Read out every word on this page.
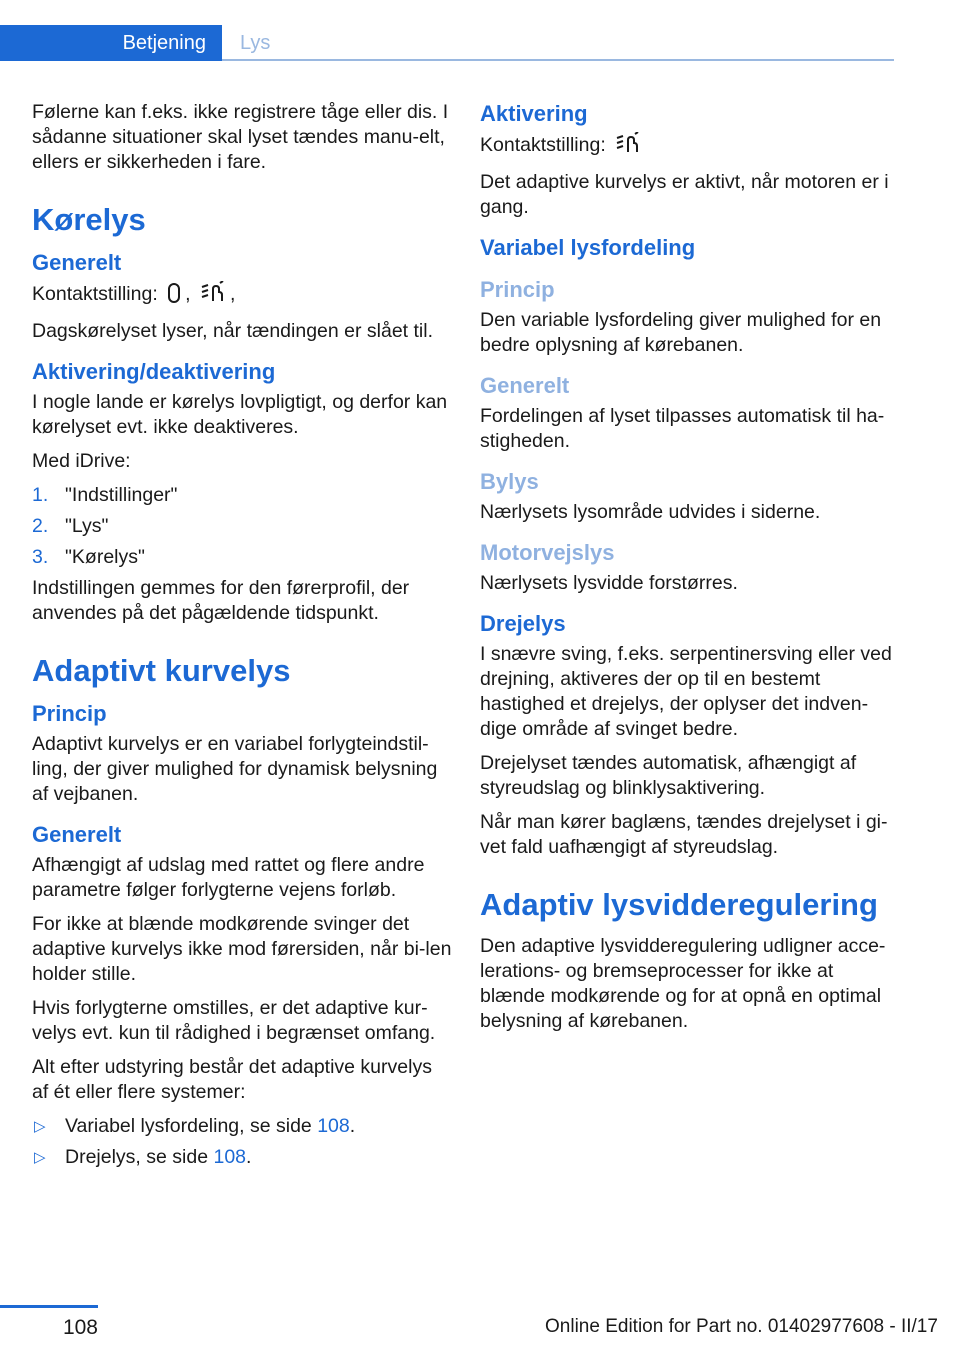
Betjening	Lys

Følerne kan f.eks. ikke registrere tåge eller dis. I sådanne situationer skal lyset tændes manu-elt, ellers er sikkerheden i fare.

Kørelys
Generelt

Kontaktstilling: , ,

Dagskørelyset lyser, når tændingen er slået til.

Aktivering/deaktivering

I nogle lande er kørelys lovpligtigt, og derfor kan kørelyset evt. ikke deaktiveres.

Med iDrive:

1. "Indstillinger"
2. "Lys"
3. "Kørelys"

Indstillingen gemmes for den førerprofil, der anvendes på det pågældende tidspunkt.

Adaptivt kurvelys
Princip

Adaptivt kurvelys er en variabel forlygteindstil-ling, der giver mulighed for dynamisk belysning af vejbanen.

Generelt

Afhængigt af udslag med rattet og flere andre parametre følger forlygterne vejens forløb.

For ikke at blænde modkørende svinger det adaptive kurvelys ikke mod førersiden, når bi-len holder stille.

Hvis forlygterne omstilles, er det adaptive kur-velys evt. kun til rådighed i begrænset omfang.

Alt efter udstyring består det adaptive kurvelys af ét eller flere systemer:

▷ Variabel lysfordeling, se side 108.
▷ Drejelys, se side 108.
Aktivering

Kontaktstilling:

Det adaptive kurvelys er aktivt, når motoren er i gang.

Variabel lysfordeling
Princip

Den variable lysfordeling giver mulighed for en bedre oplysning af kørebanen.

Generelt

Fordelingen af lyset tilpasses automatisk til ha-stigheden.

Bylys

Nærlysets lysområde udvides i siderne.

Motorvejslys

Nærlysets lysvidde forstørres.

Drejelys

I snævre sving, f.eks. serpentinersving eller ved drejning, aktiveres der op til en bestemt hastighed et drejelys, der oplyser det indven-dige område af svinget bedre.

Drejelyset tændes automatisk, afhængigt af styreudslag og blinklysaktivering.

Når man kører baglæns, tændes drejelyset i gi-vet fald uafhængigt af styreudslag.

Adaptiv lysvidderegulering

Den adaptive lysvidderegulering udligner acce-lerations- og bremseprocesser for ikke at blænde modkørende og for at opnå en optimal belysning af kørebanen.

108	Online Edition for Part no. 01402977608 - II/17
